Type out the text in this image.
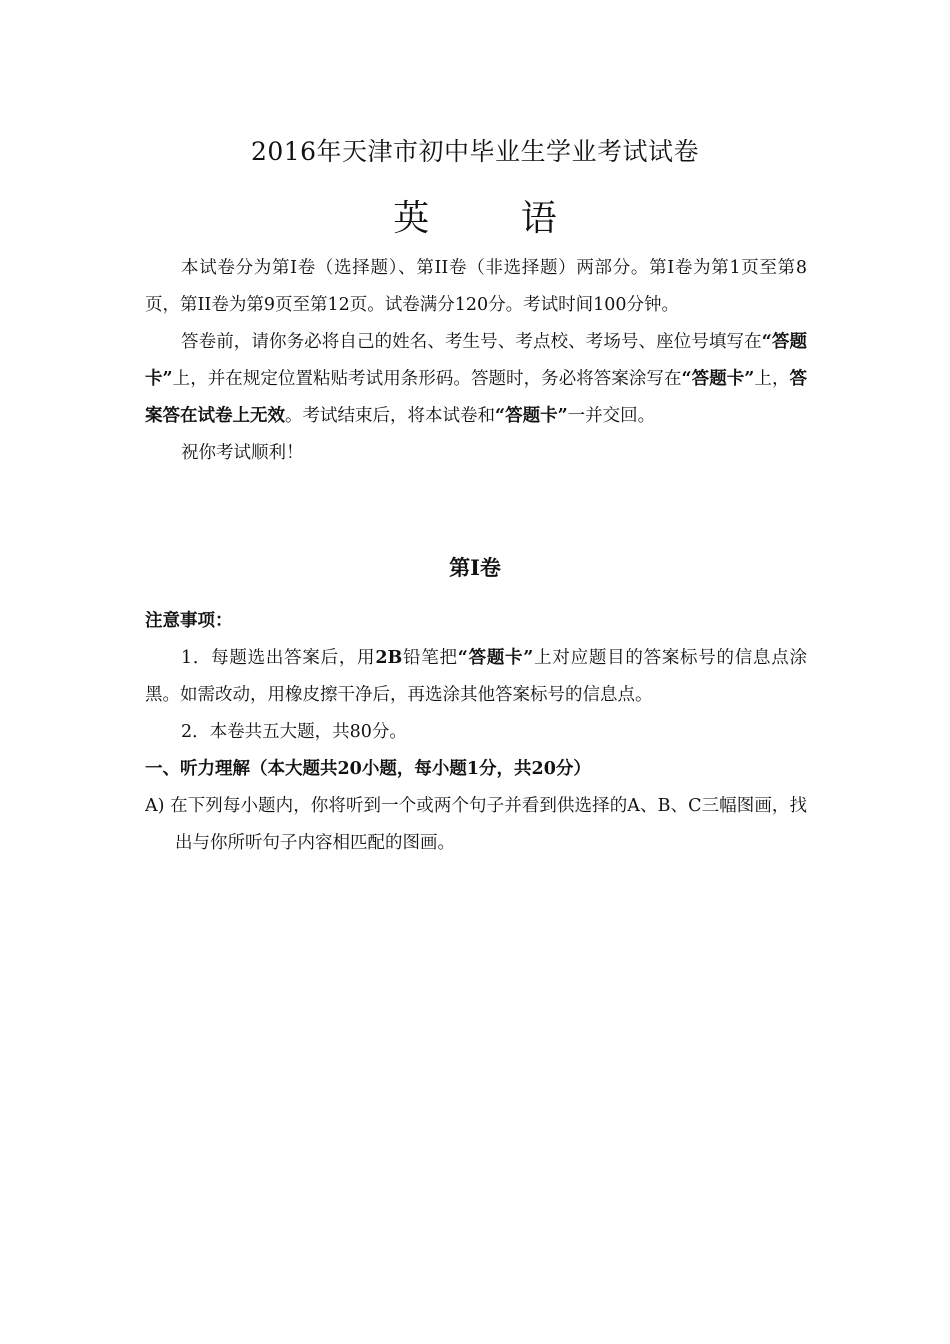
2016年天津市初中毕业生学业考试试卷
英 语

本试卷分为第I卷（选择题）、第II卷（非选择题）两部分。第I卷为第1页至第8页，第II卷为第9页至第12页。试卷满分120分。考试时间100分钟。

答卷前，请你务必将自己的姓名、考生号、考点校、考场号、座位号填写在“答题卡”上，并在规定位置粘贴考试用条形码。答题时，务必将答案涂写在“答题卡”上，答案答在试卷上无效。考试结束后，将本试卷和“答题卡”一并交回。

祝你考试顺利！

第I卷

注意事项：

1．每题选出答案后，用2B铅笔把“答题卡”上对应题目的答案标号的信息点涂黑。如需改动，用橡皮擦干净后，再选涂其他答案标号的信息点。

2．本卷共五大题，共80分。

一、听力理解（本大题共20小题，每小题1分，共20分）

A) 在下列每小题内，你将听到一个或两个句子并看到供选择的A、B、C三幅图画，找出与你所听句子内容相匹配的图画。
